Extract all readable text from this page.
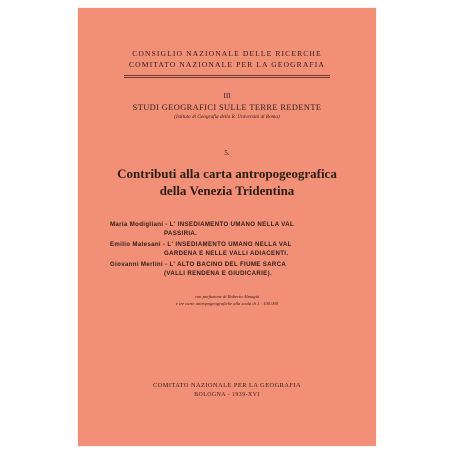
CONSIGLIO NAZIONALE DELLE RICERCHE
COMITATO NAZIONALE PER LA GEOGRAFIA
III
STUDI GEOGRAFICI SULLE TERRE REDENTE
(Istituto di Geografia della R. Università di Roma)
5.
Contributi alla carta antropogeografica
della Venezia Tridentina
Maria Modigliani - L' INSEDIAMENTO UMANO NELLA VAL
PASSIRIA.
Emilio Malesani - L' INSEDIAMENTO UMANO NELLA VAL
GARDENA E NELLE VALLI ADIACENTI.
Giovanni Merlini - L' ALTO BACINO DEL FIUME SARCA
(VALLI RENDENA E GIUDICARIE).
con prefazione di Roberto Almagià
e tre carte antropogeografiche alla scala di 1 : 100.000
COMITATO NAZIONALE PER LA GEOGRAFIA
BOLOGNA - 1939-XVI
